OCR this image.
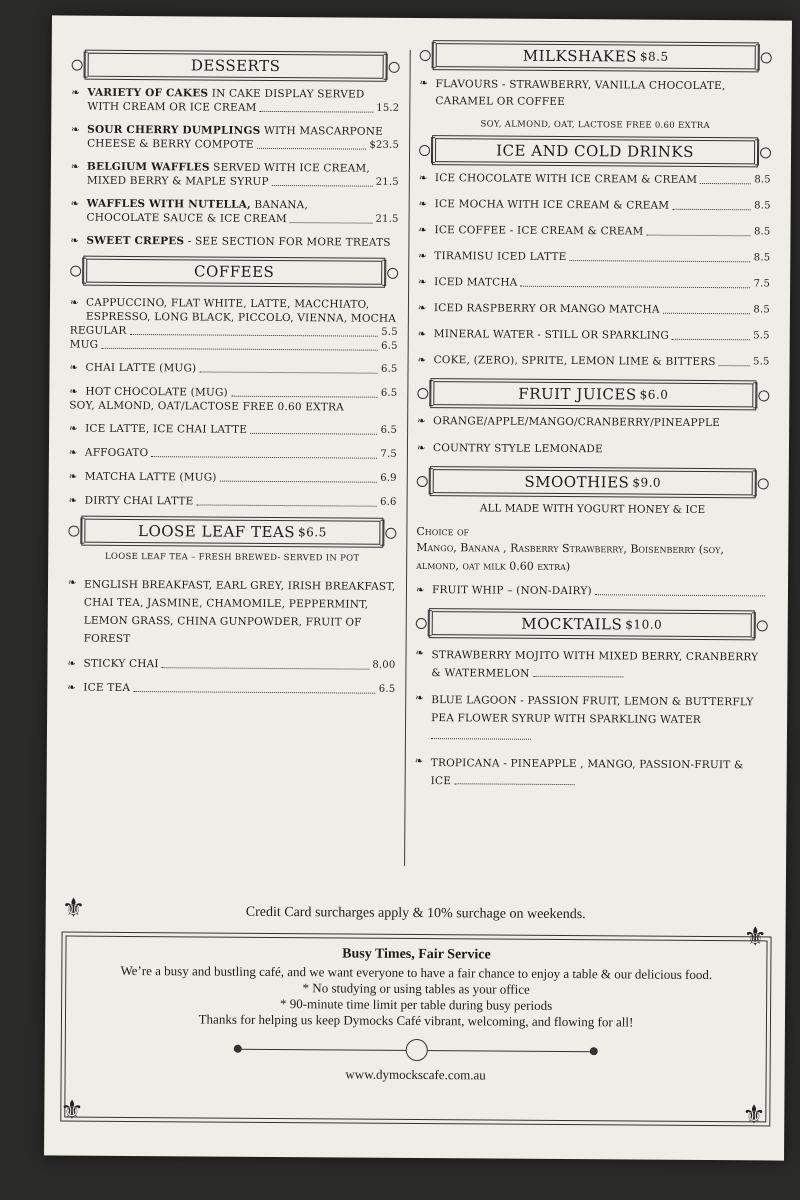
DESSERTS
❧ VARIETY OF CAKES IN CAKE DISPLAY SERVED
WITH CREAM OR ICE CREAM	15.2
❧ SOUR CHERRY DUMPLINGS WITH MASCARPONE
CHEESE & BERRY COMPOTE	$23.5
❧ BELGIUM WAFFLES SERVED WITH ICE CREAM,
MIXED BERRY & MAPLE SYRUP	21.5
❧ WAFFLES WITH NUTELLA, BANANA,
CHOCOLATE SAUCE & ICE CREAM	21.5
❧ SWEET CREPES - SEE SECTION FOR MORE TREATS
COFFEES
❧ CAPPUCCINO, FLAT WHITE, LATTE, MACCHIATO, ESPRESSO, LONG BLACK, PICCOLO, VIENNA, MOCHA
REGULAR	5.5
MUG	6.5
❧ CHAI LATTE (MUG)	6.5
❧ HOT CHOCOLATE (MUG)	6.5
SOY, ALMOND, OAT/LACTOSE FREE 0.60 EXTRA
❧ ICE LATTE, ICE CHAI LATTE	6.5
❧ AFFOGATO	7.5
❧ MATCHA LATTE (MUG)	6.9
❧ DIRTY CHAI LATTE	6.6
LOOSE LEAF TEAS $6.5
LOOSE LEAF TEA – FRESH BREWED- SERVED IN POT
❧ ENGLISH BREAKFAST, EARL GREY, IRISH BREAKFAST, CHAI TEA, JASMINE, CHAMOMILE, PEPPERMINT, LEMON GRASS, CHINA GUNPOWDER, FRUIT OF FOREST
❧ STICKY CHAI	8.00
❧ ICE TEA	6.5
MILKSHAKES $8.5
❧ FLAVOURS - STRAWBERRY, VANILLA CHOCOLATE, CARAMEL OR COFFEE
SOY, ALMOND, OAT, LACTOSE FREE 0.60 EXTRA
ICE AND COLD DRINKS
❧ ICE CHOCOLATE WITH ICE CREAM & CREAM	8.5
❧ ICE MOCHA WITH ICE CREAM & CREAM	8.5
❧ ICE COFFEE - ICE CREAM & CREAM	8.5
❧ TIRAMISU ICED LATTE	8.5
❧ ICED MATCHA	7.5
❧ ICED RASPBERRY OR MANGO MATCHA	8.5
❧ MINERAL WATER - STILL OR SPARKLING	5.5
❧ COKE, (ZERO), SPRITE, LEMON LIME & BITTERS	5.5
FRUIT JUICES $6.0
❧ ORANGE/APPLE/MANGO/CRANBERRY/PINEAPPLE
❧ COUNTRY STYLE LEMONADE
SMOOTHIES $9.0
ALL MADE WITH YOGURT HONEY & ICE
Choice of
Mango, Banana , Rasberry Strawberry, Boisenberry (soy, almond, oat milk 0.60 extra)
❧ FRUIT WHIP – (NON-DAIRY)
MOCKTAILS $10.0
❧ STRAWBERRY MOJITO WITH MIXED BERRY, CRANBERRY & WATERMELON
❧ BLUE LAGOON - PASSION FRUIT, LEMON & BUTTERFLY PEA FLOWER SYRUP WITH SPARKLING WATER
❧ TROPICANA - PINEAPPLE , MANGO, PASSION-FRUIT & ICE
Credit Card surcharges apply & 10% surchage on weekends.
⚜
⚜
⚜	⚜
Busy Times, Fair Service
We’re a busy and bustling café, and we want everyone to have a fair chance to enjoy a table & our delicious food.
* No studying or using tables as your office
* 90-minute time limit per table during busy periods
Thanks for helping us keep Dymocks Café vibrant, welcoming, and flowing for all!
www.dymockscafe.com.au
